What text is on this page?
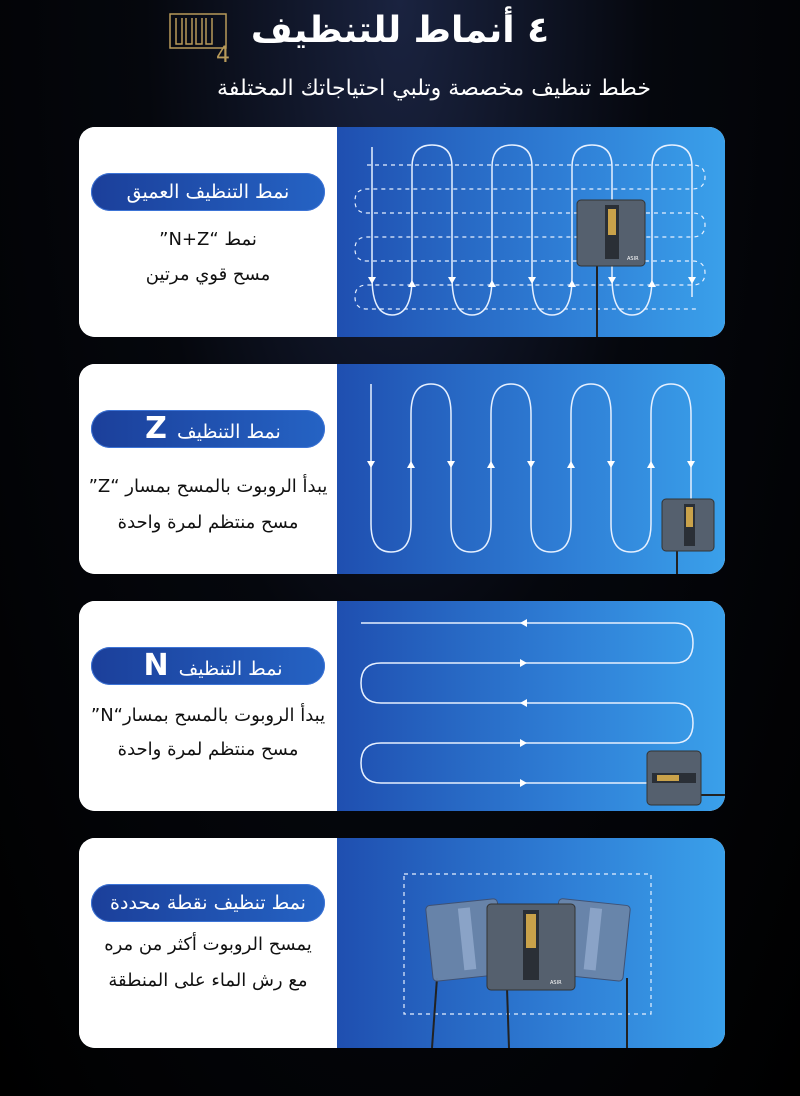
4
٤ أنماط للتنظيف
خطط تنظيف مخصصة وتلبي احتياجاتك المختلفة
نمط التنظيف العميق
نمط “N+Z”
مسح قوي مرتين
ASIR
نمط التنظيفZ
يبدأ الروبوت بالمسح بمسار “Z”
مسح منتظم لمرة واحدة
نمط التنظيفN
يبدأ الروبوت بالمسح بمسار“N”
مسح منتظم لمرة واحدة
نمط تنظيف نقطة محددة
يمسح الروبوت أكثر من مره
مع رش الماء على المنطقة	ASIR
